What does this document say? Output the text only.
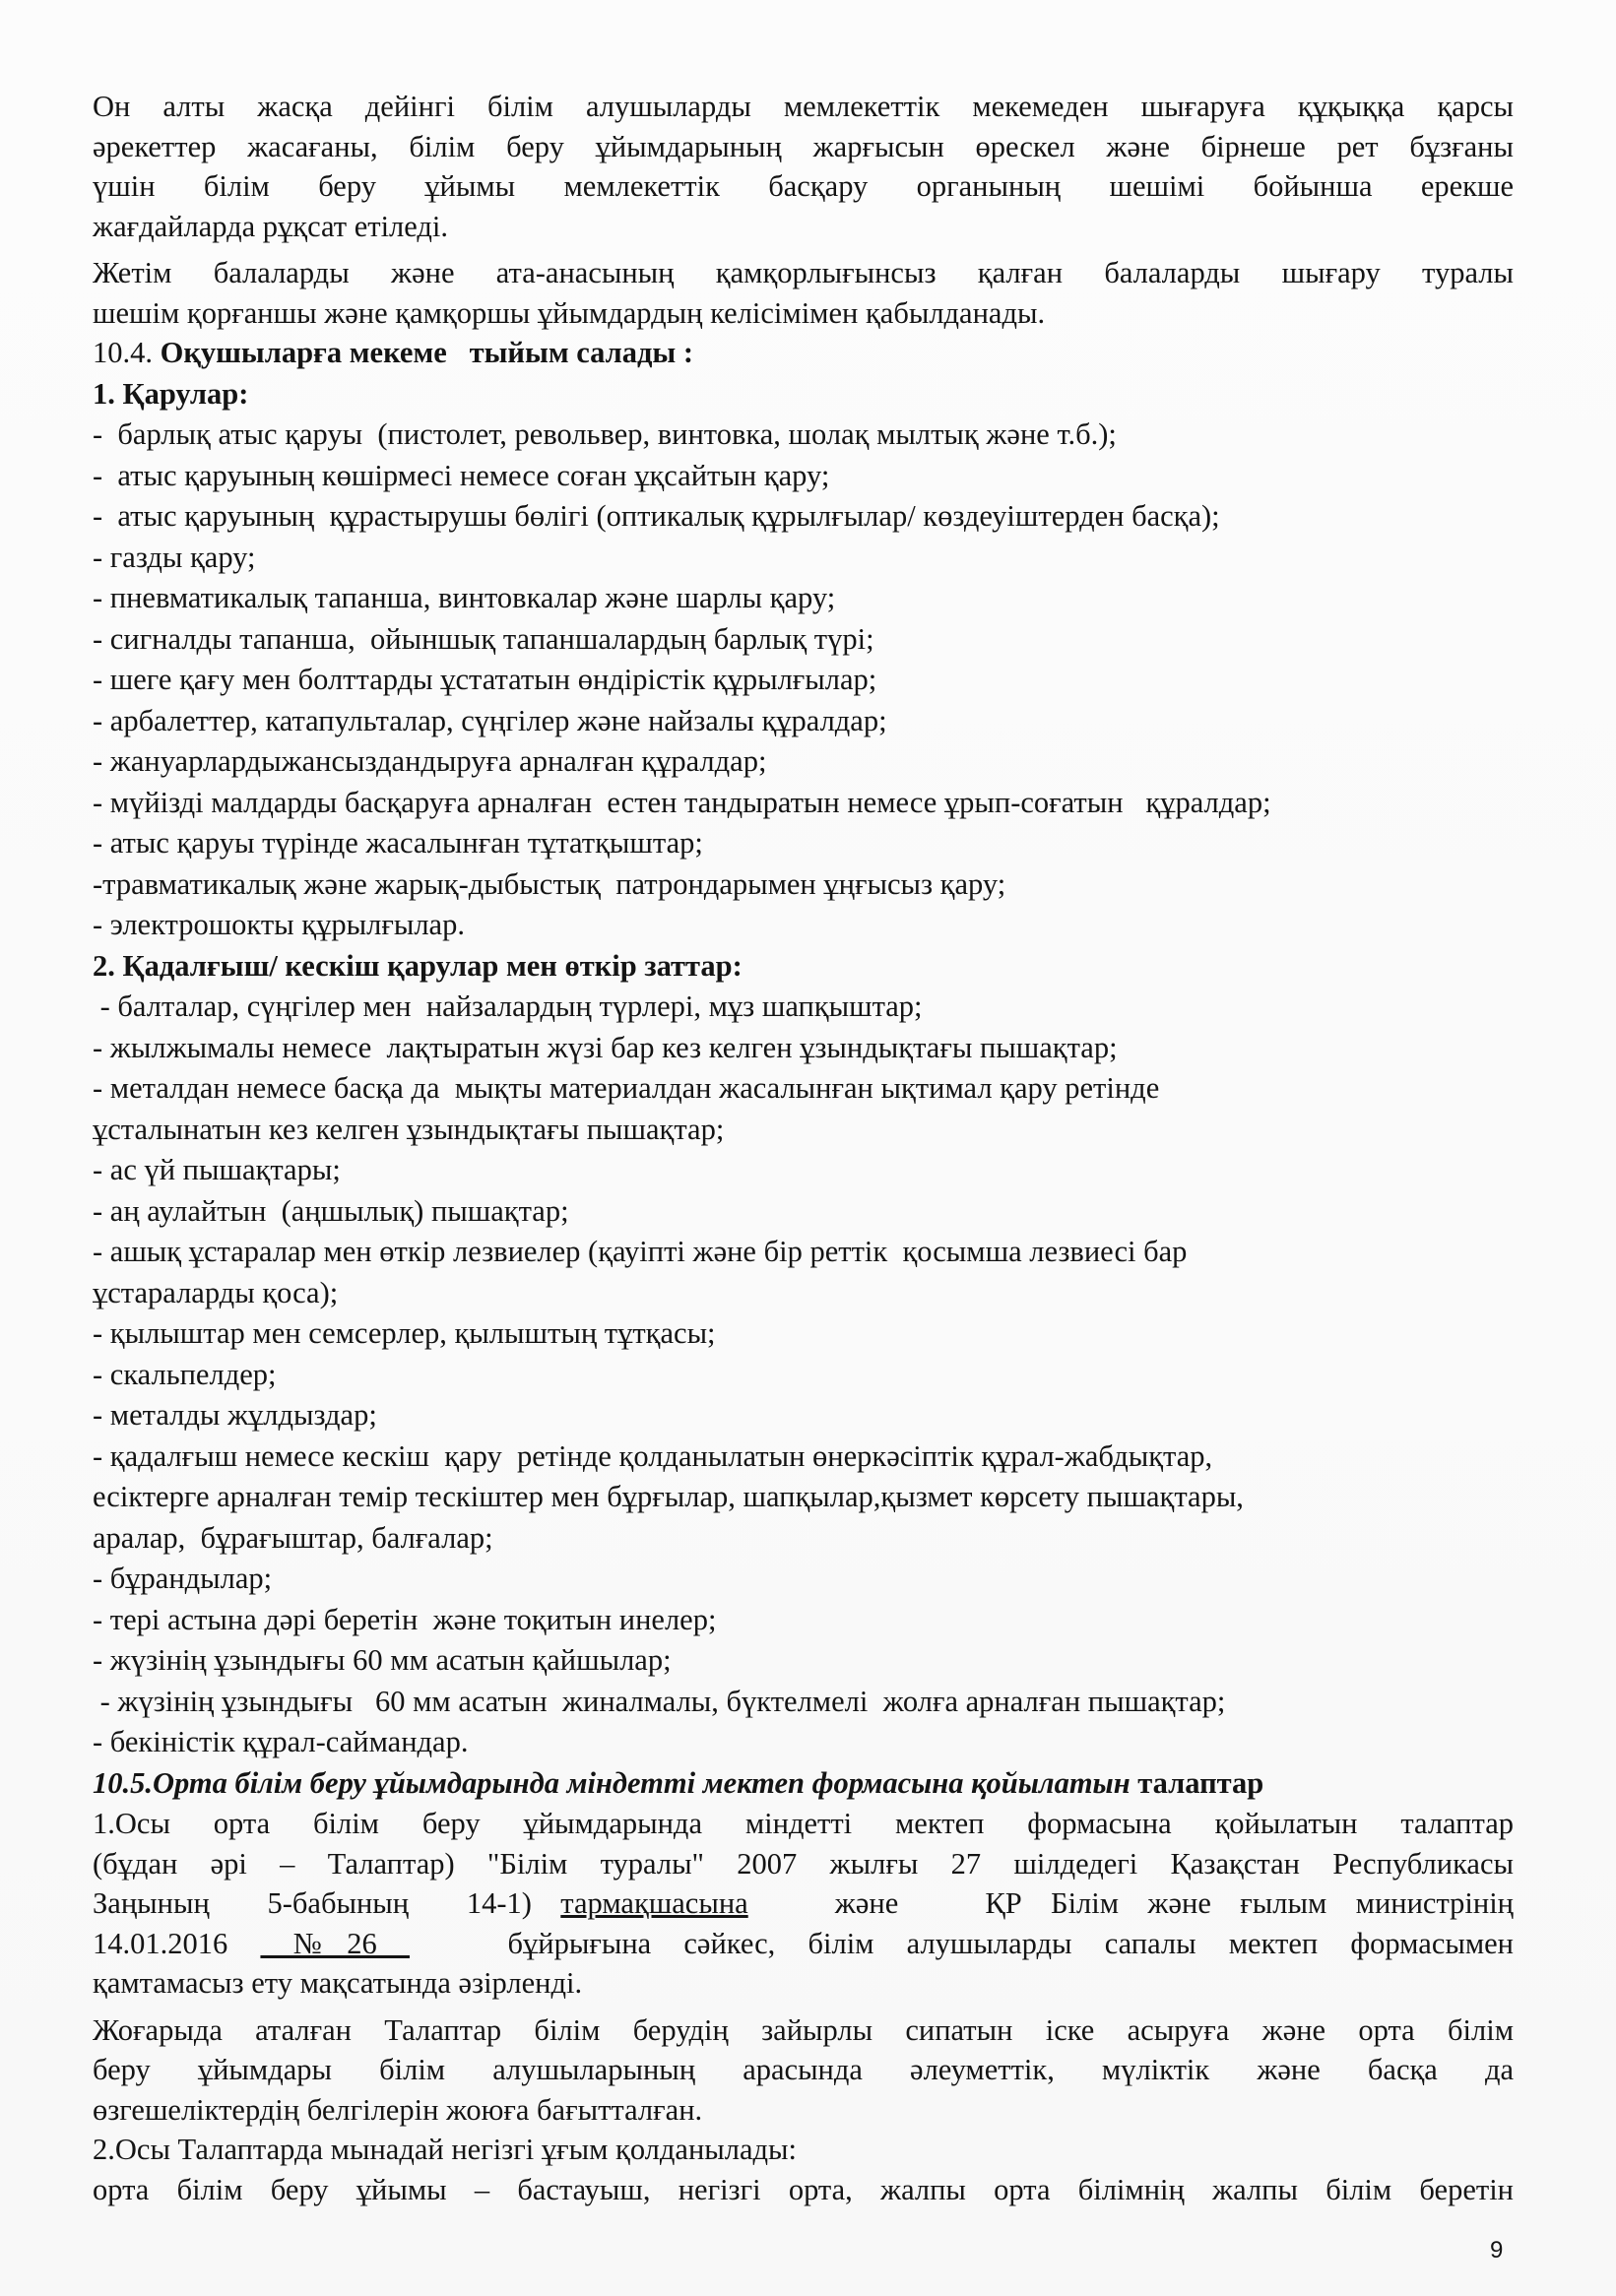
Он алты жасқа дейінгі білім алушыларды мемлекеттік мекемеден шығаруға құқыққа қарсы

әрекеттер жасағаны, білім беру ұйымдарының жарғысын өрескел және бірнеше рет бұзғаны

үшін білім беру ұйымы мемлекеттік басқару органының шешімі бойынша ерекше

жағдайларда рұқсат етіледі.

Жетім балаларды және ата-анасының қамқорлығынсыз қалған балаларды шығару туралы

шешім қорғаншы және қамқоршы ұйымдардың келісімімен қабылданады.

10.4. Оқушыларға мекеме   тыйым салады :

1. Қарулар:

-  барлық атыс қаруы  (пистолет, револьвер, винтовка, шолақ мылтық және т.б.);

-  атыс қаруының көшірмесі немесе соған ұқсайтын қару;

-  атыс қаруының  құрастырушы бөлігі (оптикалық құрылғылар/ көздеуіштерден басқа);

- газды қару;

- пневматикалық тапанша, винтовкалар және шарлы қару;

- сигналды тапанша,  ойыншық тапаншалардың барлық түрі;

- шеге қағу мен болттарды ұстататын өндірістік құрылғылар;

- арбалеттер, катапульталар, сүңгілер және найзалы құралдар;

- жануарлардыжансыздандыруға арналған құралдар;

- мүйізді малдарды басқаруға арналған  естен тандыратын немесе ұрып-соғатын   құралдар;

- атыс қаруы түрінде жасалынған тұтатқыштар;

-травматикалық және жарық-дыбыстық  патрондарымен ұңғысыз қару;

- электрошокты құрылғылар.

2. Қадалғыш/ кескіш қарулар мен өткір заттар:

- балталар, сүңгілер мен  найзалардың түрлері, мұз шапқыштар;

- жылжымалы немесе  лақтыратын жүзі бар кез келген ұзындықтағы пышақтар;

- металдан немесе басқа да  мықты материалдан жасалынған ықтимал қару ретінде

ұсталынатын кез келген ұзындықтағы пышақтар;

- ас үй пышақтары;

- аң аулайтын  (аңшылық) пышақтар;

- ашық ұстаралар мен өткір лезвиелер (қауіпті және бір реттік  қосымша лезвиесі бар

ұстараларды қоса);

- қылыштар мен семсерлер, қылыштың тұтқасы;

- скальпелдер;

- металды жұлдыздар;

- қадалғыш немесе кескіш  қару  ретінде қолданылатын өнеркәсіптік құрал-жабдықтар,

есіктерге арналған темір тескіштер мен бұрғылар, шапқылар,қызмет көрсету пышақтары,

аралар,  бұрағыштар, балғалар;

- бұрандылар;

- тері астына дәрі беретін  және тоқитын инелер;

- жүзінің ұзындығы 60 мм асатын қайшылар;

- жүзінің ұзындығы   60 мм асатын  жиналмалы, бүктелмелі  жолға арналған пышақтар;

- бекіністік құрал-саймандар.

10.5.Орта білім беру ұйымдарында міндетті мектеп формасына қойылатын талаптар

1.Осы орта білім беру ұйымдарында міндетті мектеп формасына қойылатын талаптар

(бұдан әрі – Талаптар) "Білім туралы" 2007 жылғы 27 шілдедегі Қазақстан Республикасы

Заңының  5-бабының  14-1) тармақшасына   және   ҚР Білім және ғылым министрінің

14.01.2016  №26    бұйрығына сәйкес, білім алушыларды сапалы мектеп формасымен

қамтамасыз ету мақсатында әзірленді.

Жоғарыда аталған Талаптар білім берудің зайырлы сипатын іске асыруға және орта білім

беру ұйымдары білім алушыларының арасында әлеуметтік, мүліктік және басқа да

өзгешеліктердің белгілерін жоюға бағытталған.

2.Осы Талаптарда мынадай негізгі ұғым қолданылады:

орта білім беру ұйымы – бастауыш, негізгі орта, жалпы орта білімнің жалпы білім беретін

9
